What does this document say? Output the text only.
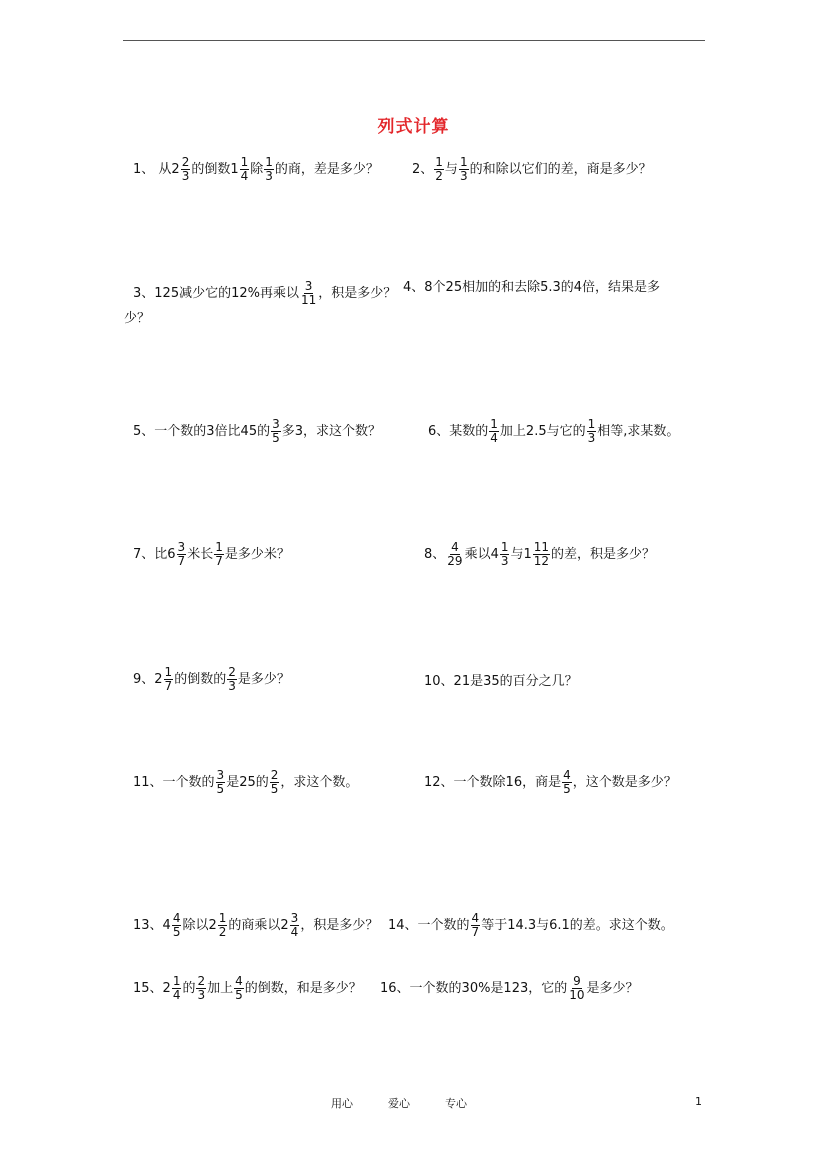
列式计算
1、 从$2 \frac{2}{3}$ 的倒数$1 \frac{1}{4}$ 除 $\frac{1}{3}$ 的商，差是多少？	2、 $\frac{1}{2}$ 与 $\frac{1}{3}$ 的和除以它们的差，商是多少？
3、125减少它的12%再乘以 $\frac{3}{11}$ ，积是多少？ 4、8个25相加的和去除5.3的4倍，结果是多
少？
5、一个数的3倍比45的 $\frac{3}{5}$ 多3，求这个数？	6、某数的 $\frac{1}{4}$ 加上2.5与它的 $\frac{1}{3}$ 相等,求某数。
7、比$6 \frac{3}{7}$ 米长 $\frac{1}{7}$ 是多少米？	8、 $\frac{4}{29}$ 乘以$4 \frac{1}{3}$ 与$1 \frac{11}{12}$ 的差，积是多少？
9、$2 \frac{1}{7}$ 的倒数的 $\frac{2}{3}$ 是多少？	10、21是35的百分之几？
11、一个数的 $\frac{3}{5}$ 是25的 $\frac{2}{5}$ ，求这个数。	12、一个数除16，商是 $\frac{4}{5}$ ，这个数是多少？
13、$4 \frac{4}{5}$ 除以$2 \frac{1}{2}$ 的商乘以$2 \frac{3}{4}$ ，积是多少？ 14、一个数的 $\frac{4}{7}$ 等于14.3与6.1的差。求这个数。
15、$2 \frac{1}{4}$ 的 $\frac{2}{3}$ 加上 $\frac{4}{5}$ 的倒数，和是多少？ 16、一个数的30%是123，它的 $\frac{9}{10}$ 是多少？
用心	爱心	专心	1
